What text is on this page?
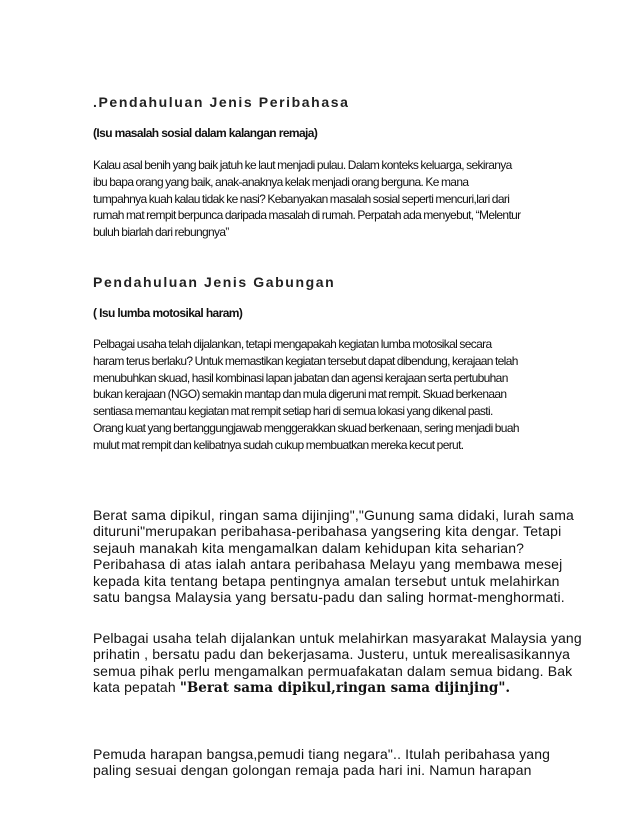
.Pendahuluan Jenis Peribahasa

(Isu masalah sosial dalam kalangan remaja)

Kalau asal benih yang baik jatuh ke laut menjadi pulau. Dalam konteks keluarga, sekiranya
ibu bapa orang yang baik, anak-anaknya kelak menjadi orang berguna. Ke mana
tumpahnya kuah kalau tidak ke nasi? Kebanyakan masalah sosial seperti mencuri,lari dari
rumah mat rempit berpunca daripada masalah di rumah. Perpatah ada menyebut, “Melentur
buluh biarlah dari rebungnya”

Pendahuluan Jenis Gabungan

( Isu lumba motosikal haram)

Pelbagai usaha telah dijalankan, tetapi mengapakah kegiatan lumba motosikal secara
haram terus berlaku? Untuk memastikan kegiatan tersebut dapat dibendung, kerajaan telah
menubuhkan skuad, hasil kombinasi lapan jabatan dan agensi kerajaan serta pertubuhan
bukan kerajaan (NGO) semakin mantap dan mula digeruni mat rempit. Skuad berkenaan
sentiasa memantau kegiatan mat rempit setiap hari di semua lokasi yang dikenal pasti.
Orang kuat yang bertanggungjawab menggerakkan skuad berkenaan, sering menjadi buah
mulut mat rempit dan kelibatnya sudah cukup membuatkan mereka kecut perut.

Berat sama dipikul, ringan sama dijinjing","Gunung sama didaki, lurah sama
dituruni"merupakan peribahasa-peribahasa yangsering kita dengar. Tetapi
sejauh manakah kita mengamalkan dalam kehidupan kita seharian?
Peribahasa di atas ialah antara peribahasa Melayu yang membawa mesej
kepada kita tentang betapa pentingnya amalan tersebut untuk melahirkan
satu bangsa Malaysia yang bersatu-padu dan saling hormat-menghormati.

Pelbagai usaha telah dijalankan untuk melahirkan masyarakat Malaysia yang
prihatin , bersatu padu dan bekerjasama. Justeru, untuk merealisasikannya
semua pihak perlu mengamalkan permuafakatan dalam semua bidang. Bak
kata pepatah "Berat sama dipikul,ringan sama dijinjing".

Pemuda harapan bangsa,pemudi tiang negara".. Itulah peribahasa yang
paling sesuai dengan golongan remaja pada hari ini. Namun harapan
